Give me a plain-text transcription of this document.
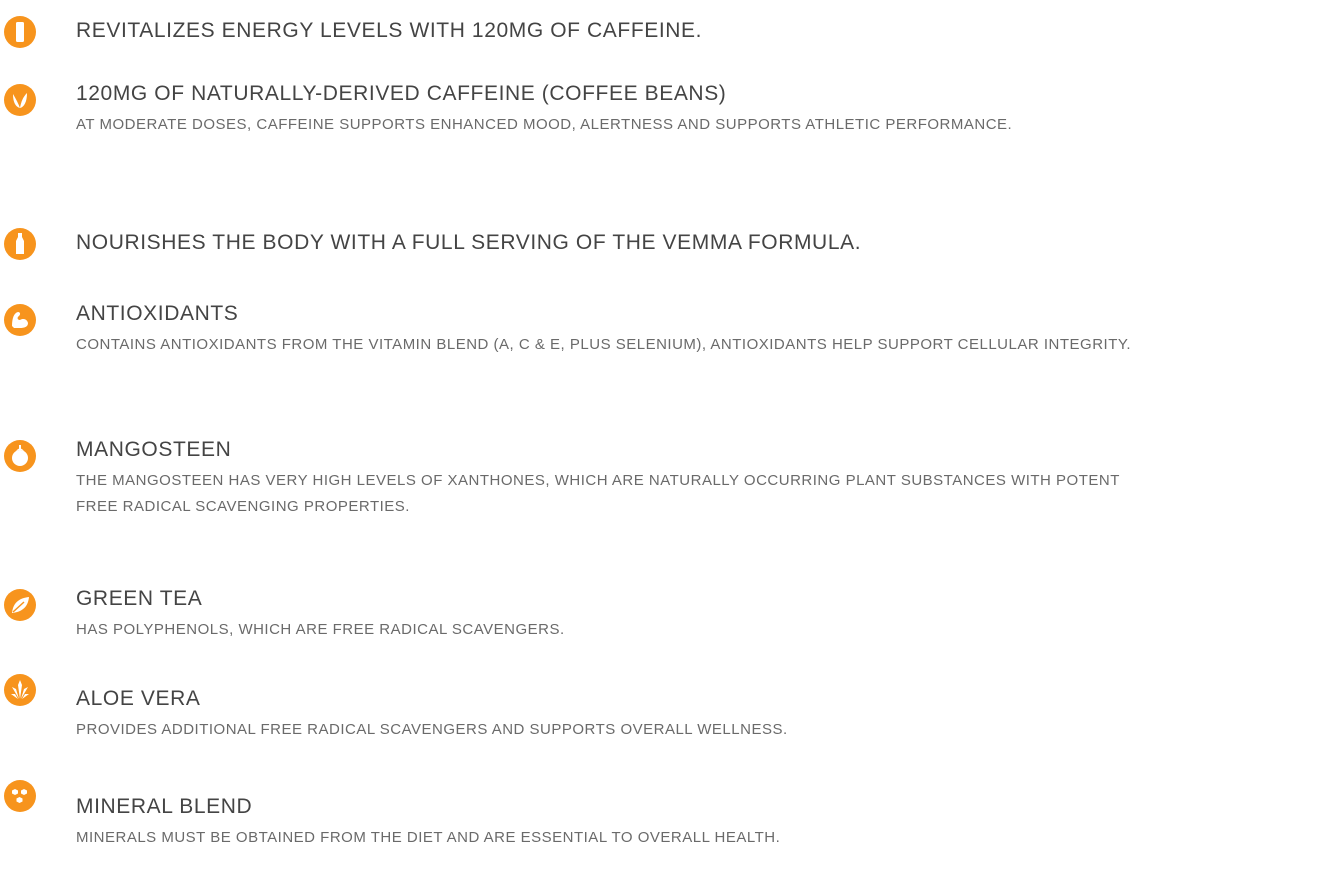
REVITALIZES ENERGY LEVELS WITH 120MG OF CAFFEINE.
120MG OF NATURALLY-DERIVED CAFFEINE (COFFEE BEANS)
AT MODERATE DOSES, CAFFEINE SUPPORTS ENHANCED MOOD, ALERTNESS AND SUPPORTS ATHLETIC PERFORMANCE.
NOURISHES THE BODY WITH A FULL SERVING OF THE VEMMA FORMULA.
ANTIOXIDANTS
CONTAINS ANTIOXIDANTS FROM THE VITAMIN BLEND (A, C & E, PLUS SELENIUM), ANTIOXIDANTS HELP SUPPORT CELLULAR INTEGRITY.
MANGOSTEEN
THE MANGOSTEEN HAS VERY HIGH LEVELS OF XANTHONES, WHICH ARE NATURALLY OCCURRING PLANT SUBSTANCES WITH POTENT FREE RADICAL SCAVENGING PROPERTIES.
GREEN TEA
HAS POLYPHENOLS, WHICH ARE FREE RADICAL SCAVENGERS.
ALOE VERA
PROVIDES ADDITIONAL FREE RADICAL SCAVENGERS AND SUPPORTS OVERALL WELLNESS.
MINERAL BLEND
MINERALS MUST BE OBTAINED FROM THE DIET AND ARE ESSENTIAL TO OVERALL HEALTH.
